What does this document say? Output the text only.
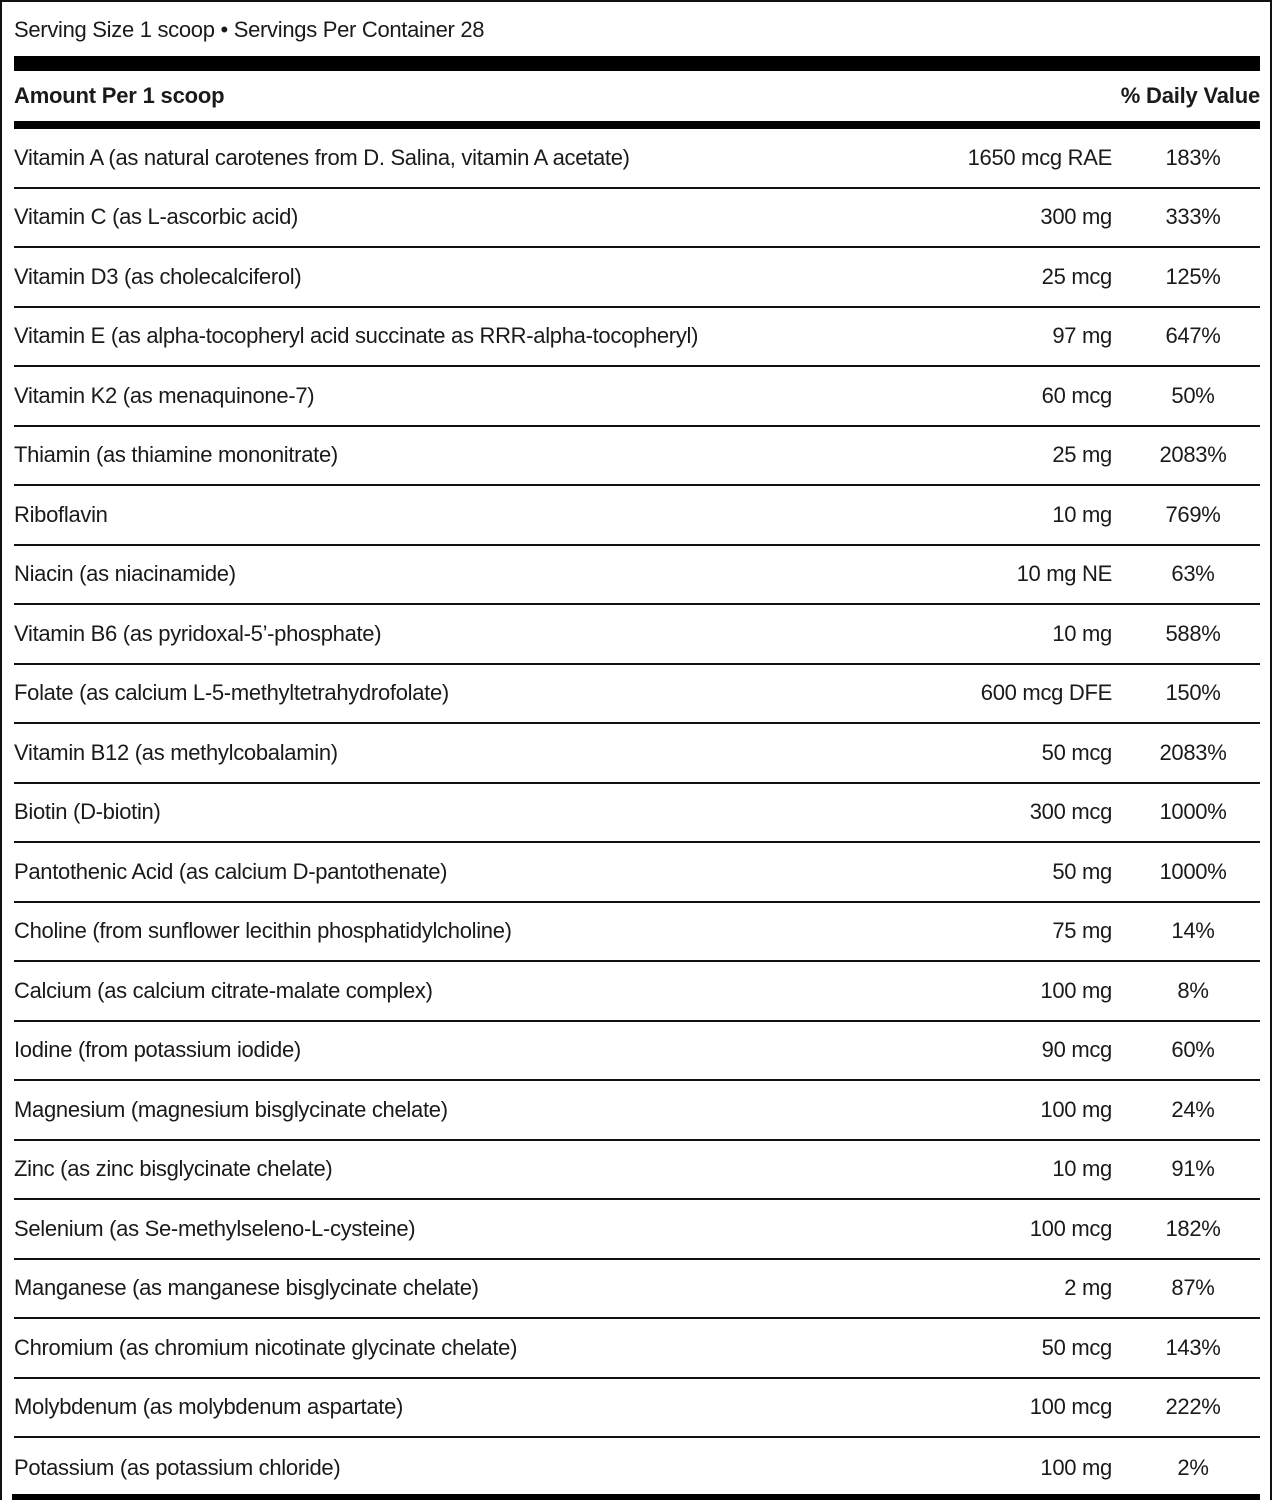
Serving Size 1 scoop • Servings Per Container 28
Amount Per 1 scoop	% Daily Value
Vitamin A (as natural carotenes from D. Salina, vitamin A acetate)	1650 mcg RAE	183%
Vitamin C (as L-ascorbic acid)	300 mg	333%
Vitamin D3 (as cholecalciferol)	25 mcg	125%
Vitamin E (as alpha-tocopheryl acid succinate as RRR-alpha-tocopheryl)	97 mg	647%
Vitamin K2 (as menaquinone-7)	60 mcg	50%
Thiamin (as thiamine mononitrate)	25 mg	2083%
Riboflavin	10 mg	769%
Niacin (as niacinamide)	10 mg NE	63%
Vitamin B6 (as pyridoxal-5’-phosphate)	10 mg	588%
Folate (as calcium L-5-methyltetrahydrofolate)	600 mcg DFE	150%
Vitamin B12 (as methylcobalamin)	50 mcg	2083%
Biotin (D-biotin)	300 mcg	1000%
Pantothenic Acid (as calcium D-pantothenate)	50 mg	1000%
Choline (from sunflower lecithin phosphatidylcholine)	75 mg	14%
Calcium (as calcium citrate-malate complex)	100 mg	8%
Iodine (from potassium iodide)	90 mcg	60%
Magnesium (magnesium bisglycinate chelate)	100 mg	24%
Zinc (as zinc bisglycinate chelate)	10 mg	91%
Selenium (as Se-methylseleno-L-cysteine)	100 mcg	182%
Manganese (as manganese bisglycinate chelate)	2 mg	87%
Chromium (as chromium nicotinate glycinate chelate)	50 mcg	143%
Molybdenum (as molybdenum aspartate)	100 mcg	222%
Potassium (as potassium chloride)	100 mg	2%
